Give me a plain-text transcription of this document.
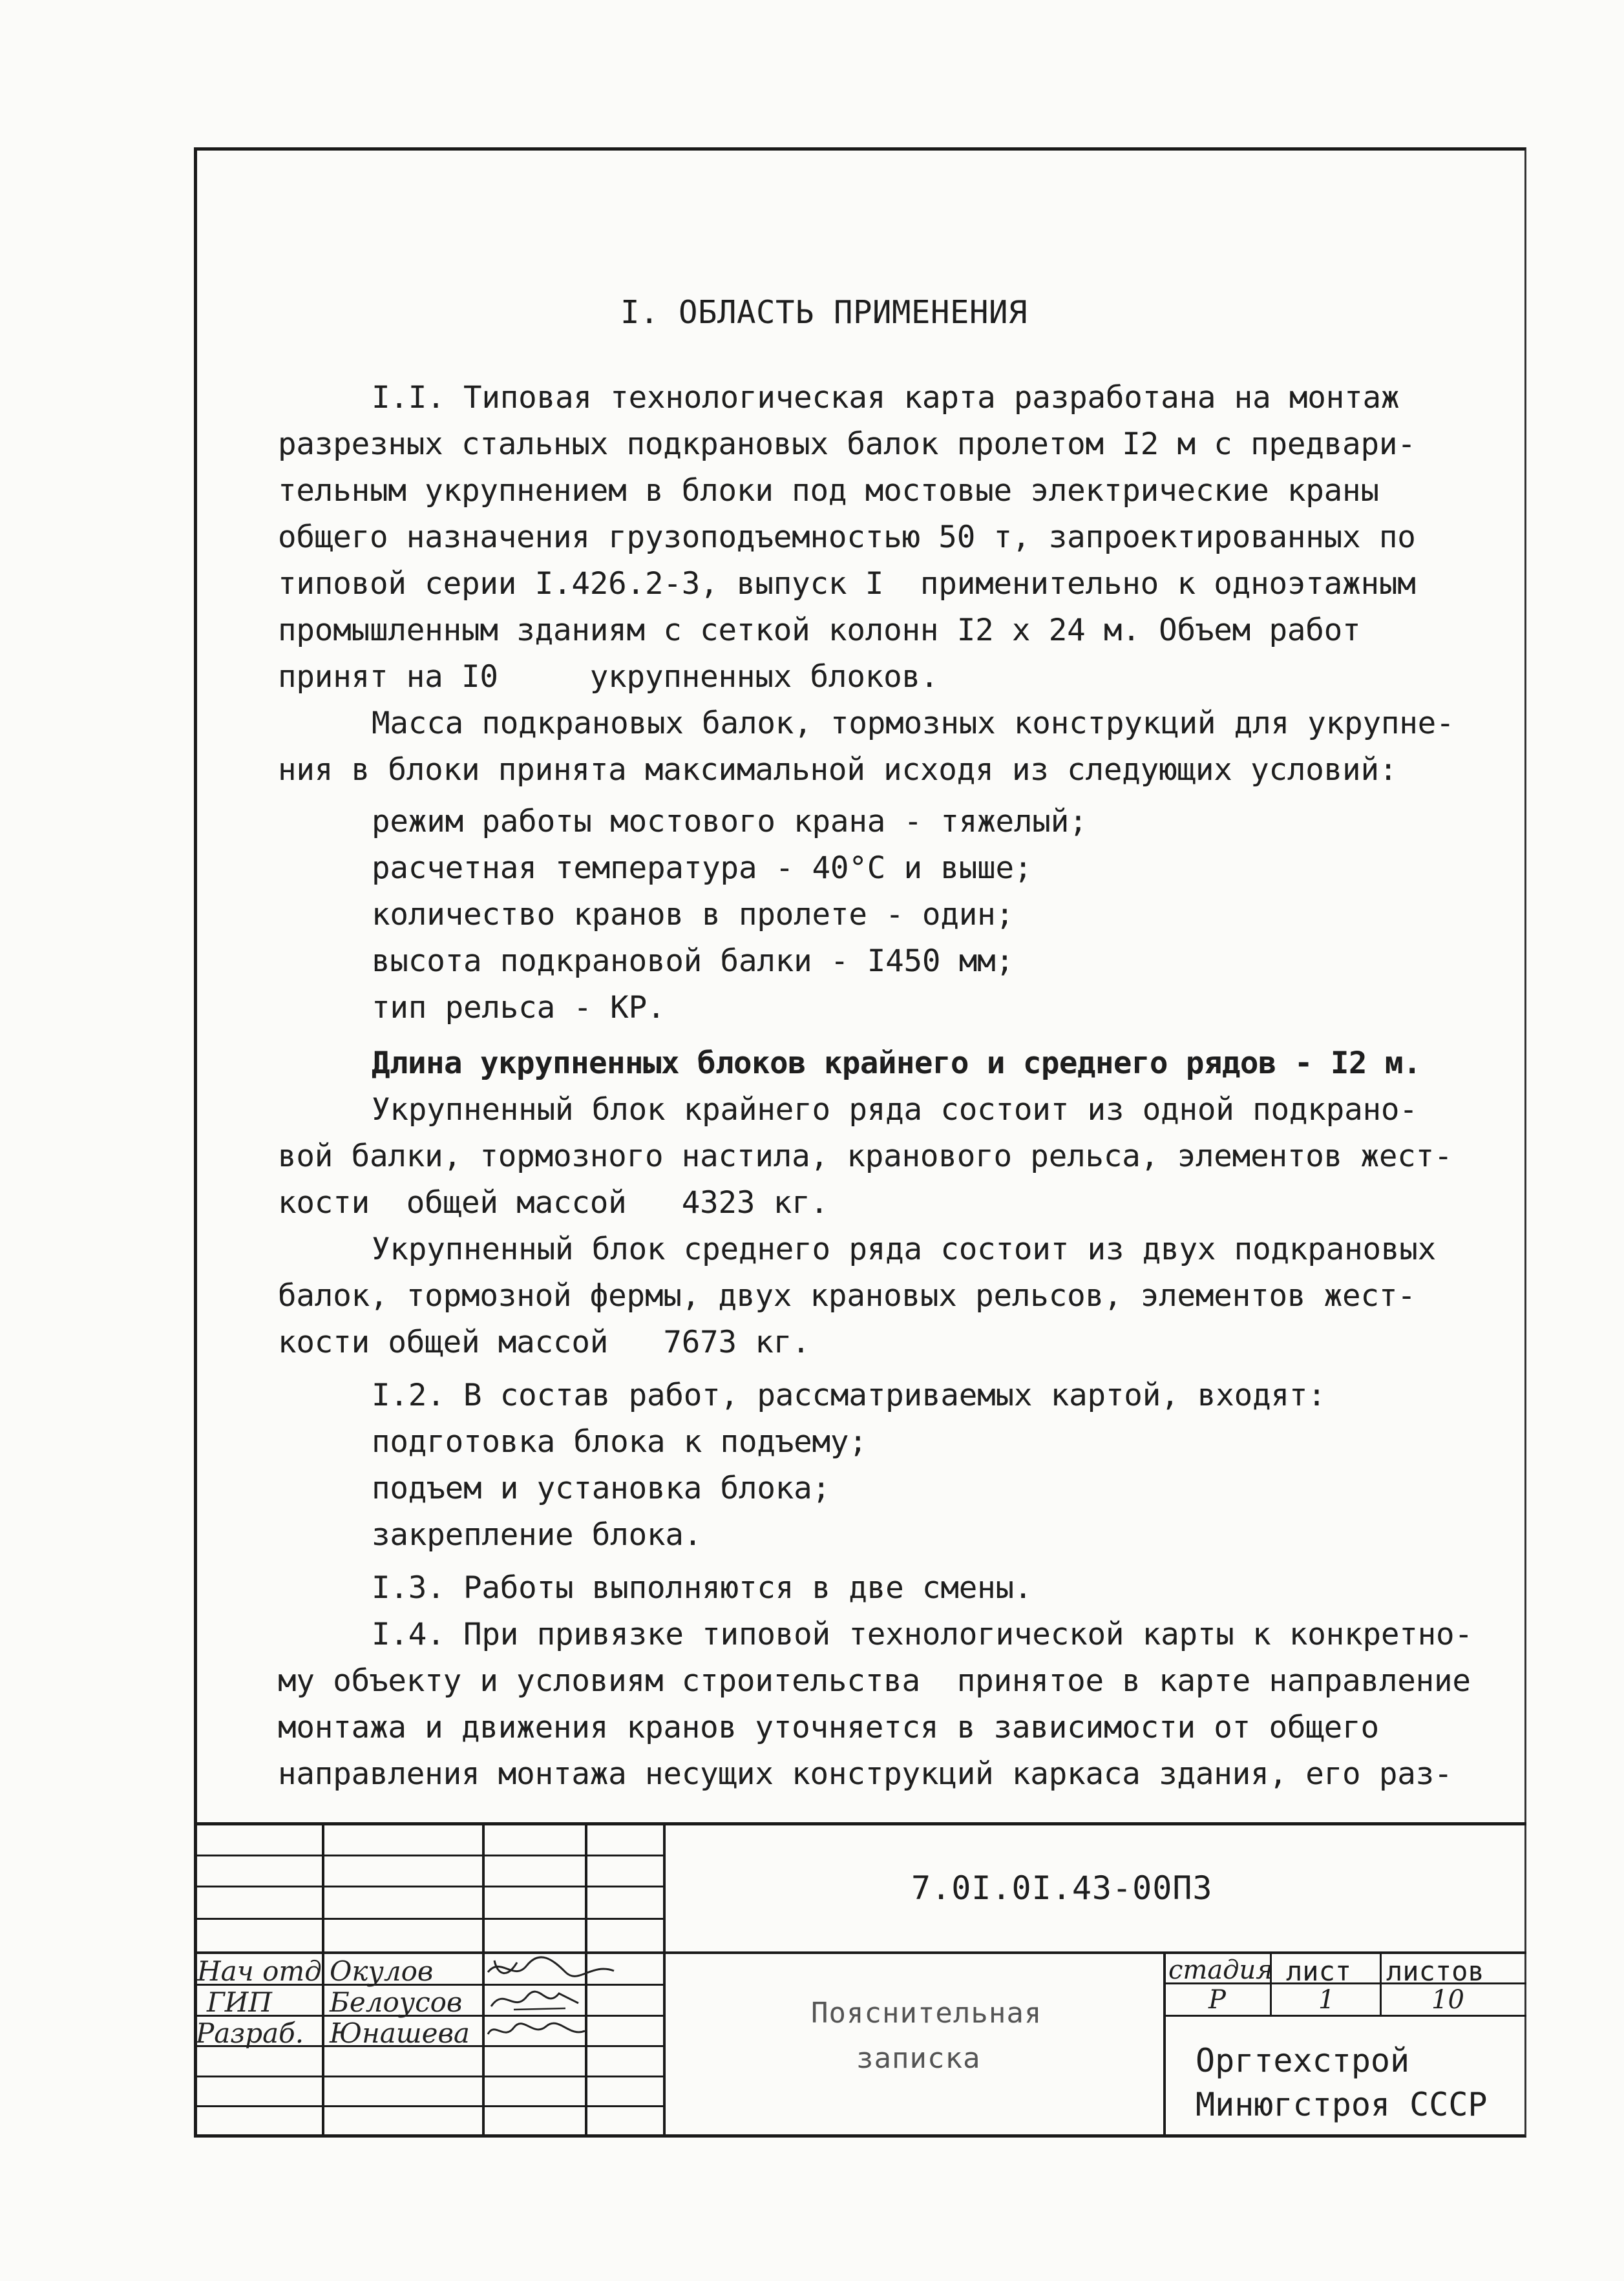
I. ОБЛАСТЬ ПРИМЕНЕНИЯ
I.I. Типовая технологическая карта разработана на монтаж
разрезных стальных подкрановых балок пролетом I2 м с предвари-
тельным укрупнением в блоки под мостовые электрические краны
общего назначения грузоподъемностью 50 т, запроектированных по
типовой серии I.426.2-3, выпуск I  применительно к одноэтажным
промышленным зданиям с сеткой колонн I2 x 24 м. Объем работ
принят на I0     укрупненных блоков.
Масса подкрановых балок, тормозных конструкций для укрупне-
ния в блоки принята максимальной исходя из следующих условий:
режим работы мостового крана - тяжелый;
расчетная температура - 40°C и выше;
количество кранов в пролете - один;
высота подкрановой балки - I450 мм;
тип рельса - КР.
Длина укрупненных блоков крайнего и среднего рядов - I2 м.
Укрупненный блок крайнего ряда состоит из одной подкрано-
вой балки, тормозного настила, кранового рельса, элементов жест-
кости  общей массой   4323 кг.
Укрупненный блок среднего ряда состоит из двух подкрановых
балок, тормозной фермы, двух крановых рельсов, элементов жест-
кости общей массой   7673 кг.
I.2. В состав работ, рассматриваемых картой, входят:
подготовка блока к подъему;
подъем и установка блока;
закрепление блока.
I.3. Работы выполняются в две смены.
I.4. При привязке типовой технологической карты к конкретно-
му объекту и условиям строительства  принятое в карте направление
монтажа и движения кранов уточняется в зависимости от общего
направления монтажа несущих конструкций каркаса здания, его раз-
7.0I.0I.43-00ПЗ
Нач отд Окулов
ГИП Белоусов
Разраб. Юнашева
Пояснительная
записка
стадия лист листов
Р	1	10
Оргтехстрой
Минюгстроя СССР
